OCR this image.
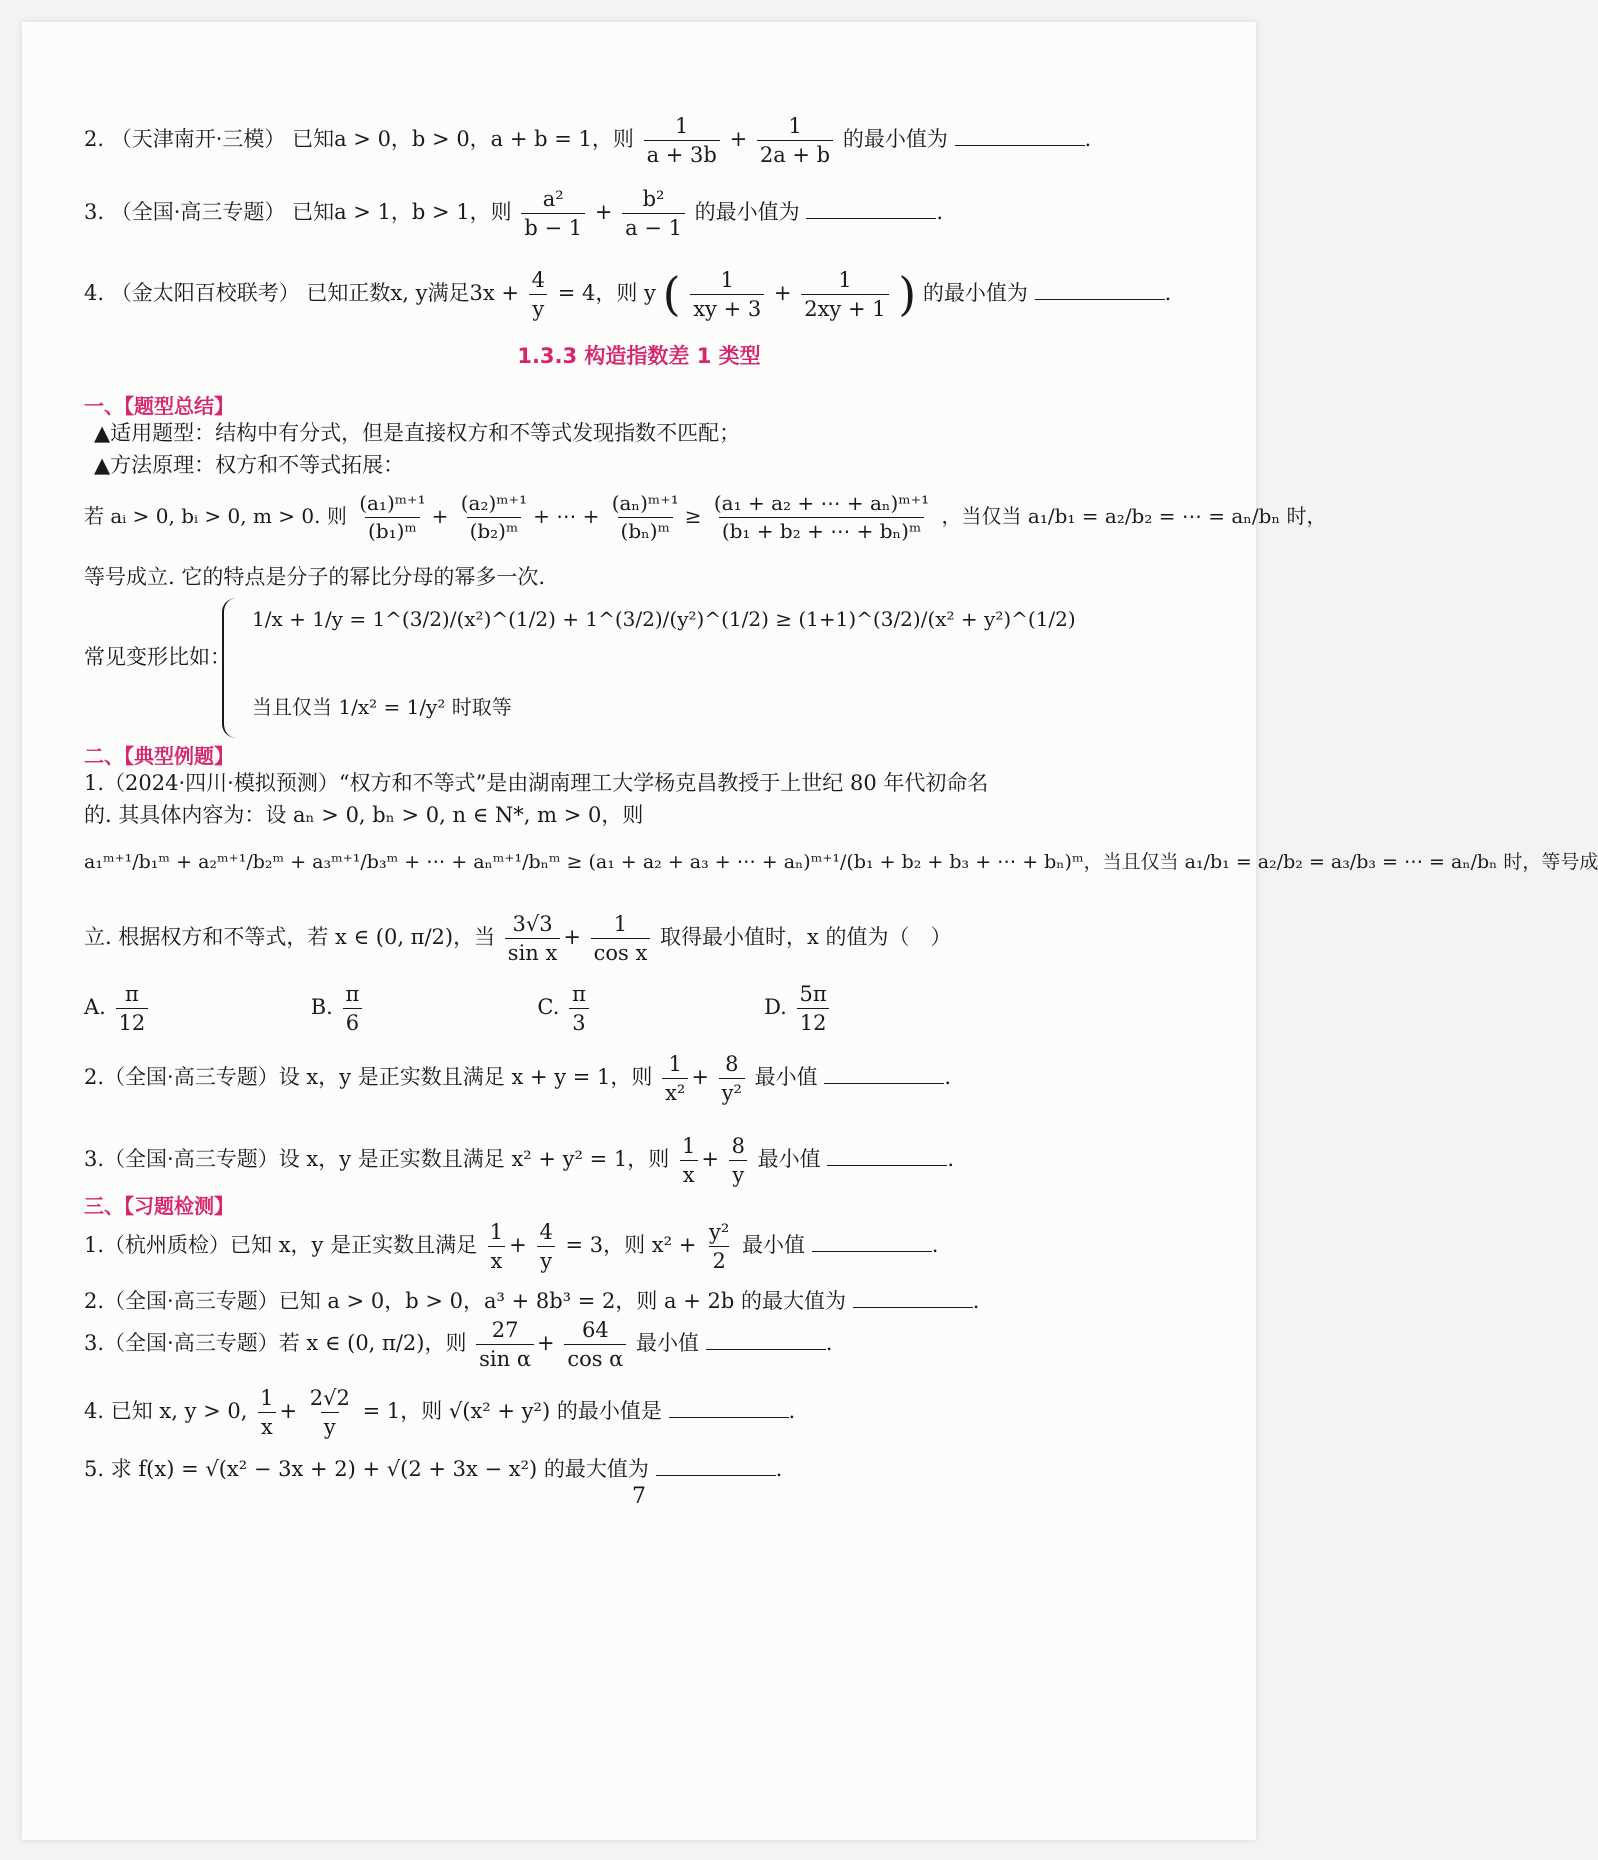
2. （天津南开·三模） 已知a > 0，b > 0，a + b = 1，则 $\frac{1}{a + 3b} + \frac{1}{2a + b}$ 的最小值为	.
3. （全国·高三专题） 已知a > 1，b > 1，则 $\frac{\text{a²}}{b - 1} + \frac{\text{b²}}{a - 1}$ 的最小值为	.
4. （金太阳百校联考） 已知正数x, y满足$3x + \frac{4}{y} = 4$，则 y ( $\frac{1}{xy + 3} + \frac{1}{2xy + 1}$ ) 的最小值为	.
1.3.3 构造指数差 1 类型
一、【题型总结】
▲适用题型：结构中有分式，但是直接权方和不等式发现指数不匹配；
▲方法原理：权方和不等式拓展：
若 aᵢ > 0, bᵢ > 0, m > 0. 则 $\frac{\text{(a₁)ᵐ⁺¹}}{\text{(b₁)ᵐ}} + \frac{\text{(a₂)ᵐ⁺¹}}{\text{(b₂)ᵐ}}$ + ⋯ + $\frac{\text{(aₙ)ᵐ⁺¹}}{\text{(bₙ)ᵐ}} \ge \frac{\text{(a₁ + a₂ + ⋯ + aₙ)ᵐ⁺¹}}{\text{(b₁ + b₂ + ⋯ + bₙ)ᵐ}}$ ，当仅当 a₁/b₁ = a₂/b₂ = ⋯ = aₙ/bₙ 时，
等号成立. 它的特点是分子的幂比分母的幂多一次.
常见变形比如：
1/x + 1/y = 1^(3/2)/(x²)^(1/2) + 1^(3/2)/(y²)^(1/2) ≥ (1+1)^(3/2)/(x² + y²)^(1/2)
当且仅当 1/x² = 1/y² 时取等
二、【典型例题】
1.（2024·四川·模拟预测）“权方和不等式”是由湖南理工大学杨克昌教授于上世纪 80 年代初命名
的. 其具体内容为：设 aₙ > 0, bₙ > 0, n ∈ N*, m > 0，则
a₁ᵐ⁺¹/b₁ᵐ + a₂ᵐ⁺¹/b₂ᵐ + a₃ᵐ⁺¹/b₃ᵐ + ⋯ + aₙᵐ⁺¹/bₙᵐ ≥ (a₁ + a₂ + a₃ + ⋯ + aₙ)ᵐ⁺¹/(b₁ + b₂ + b₃ + ⋯ + bₙ)ᵐ，当且仅当 a₁/b₁ = a₂/b₂ = a₃/b₃ = ⋯ = aₙ/bₙ 时，等号成
立. 根据权方和不等式，若 x ∈ (0, π/2)，当 $\frac{3√3}{\text{sin x}} + \frac{1}{\text{cos x}}$ 取得最小值时，x 的值为（　）
A. $\frac{\pi}{12}$	B. $\frac{\pi}{6}$	C. $\frac{\pi}{3}$	D. $\frac{5\pi}{12}$
2.（全国·高三专题）设 x，y 是正实数且满足 x + y = 1，则 $\frac{1}{\text{x²}} + \frac{8}{\text{y²}}$ 最小值	.
3.（全国·高三专题）设 x，y 是正实数且满足 x² + y² = 1，则 $\frac{1}{x} + \frac{8}{y}$ 最小值	.
三、【习题检测】
1.（杭州质检）已知 x，y 是正实数且满足 $\frac{1}{x} + \frac{4}{y} = 3$，则 $x^2 + \frac{\text{y²}}{2}$ 最小值	.
2.（全国·高三专题）已知 a > 0，b > 0，a³ + 8b³ = 2，则 a + 2b 的最大值为	.
3.（全国·高三专题）若 x ∈ (0, π/2)，则 $\frac{27}{\text{sin α}} + \frac{64}{\text{cos α}}$ 最小值	.
4. 已知 x, y > 0, $\frac{1}{x} + \frac{2√2}{y} = 1$，则 √(x² + y²) 的最小值是	.
5. 求 f(x) = √(x² − 3x + 2) + √(2 + 3x − x²) 的最大值为	.
7
